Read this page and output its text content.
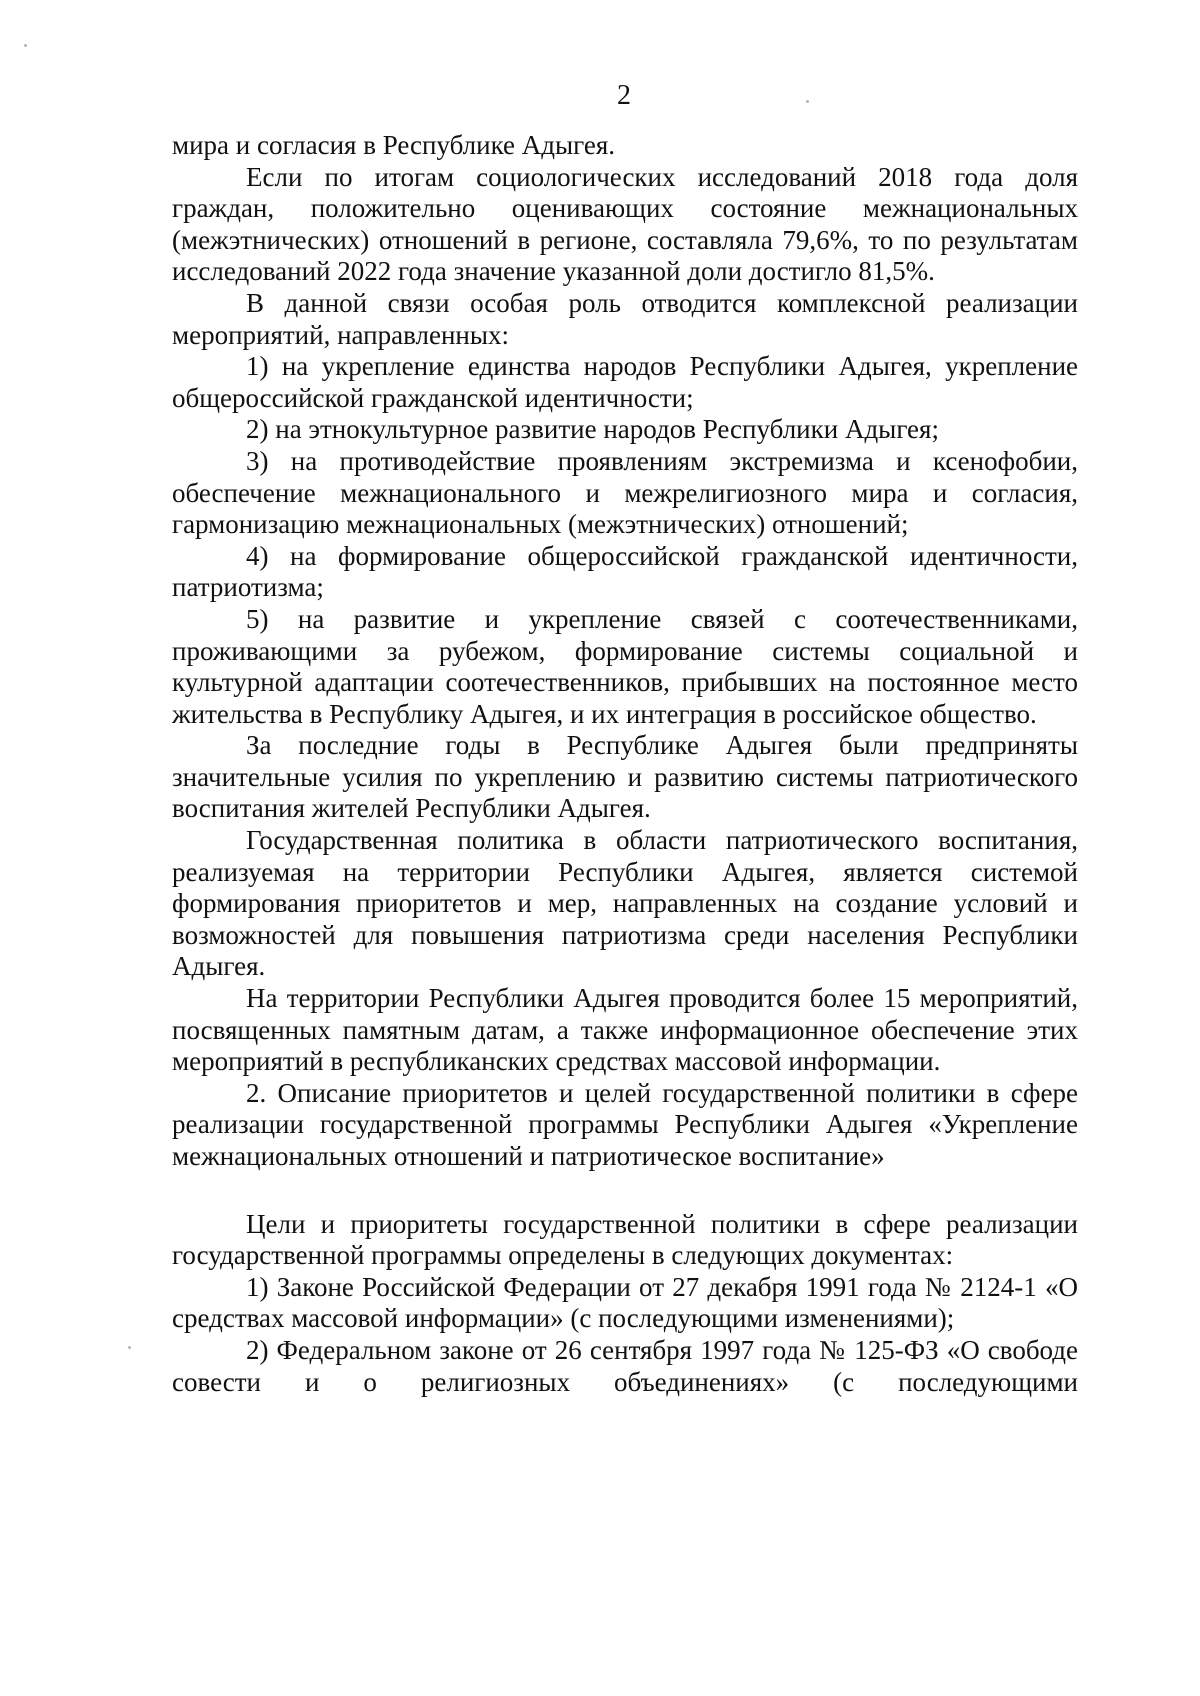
2

мира и согласия в Республике Адыгея.

Если по итогам социологических исследований 2018 года доля граждан, положительно оценивающих состояние межнациональных (межэтнических) отношений в регионе, составляла 79,6%, то по результатам исследований 2022 года значение указанной доли достигло 81,5%.

В данной связи особая роль отводится комплексной реализации мероприятий, направленных:

1) на укрепление единства народов Республики Адыгея, укрепление общероссийской гражданской идентичности;

2) на этнокультурное развитие народов Республики Адыгея;

3) на противодействие проявлениям экстремизма и ксенофобии, обеспечение межнационального и межрелигиозного мира и согласия, гармонизацию межнациональных (межэтнических) отношений;

4) на формирование общероссийской гражданской идентичности, патриотизма;

5) на развитие и укрепление связей с соотечественниками, проживающими за рубежом, формирование системы социальной и культурной адаптации соотечественников, прибывших на постоянное место жительства в Республику Адыгея, и их интеграция в российское общество.

За последние годы в Республике Адыгея были предприняты значительные усилия по укреплению и развитию системы патриотического воспитания жителей Республики Адыгея.

Государственная политика в области патриотического воспитания, реализуемая на территории Республики Адыгея, является системой формирования приоритетов и мер, направленных на создание условий и возможностей для повышения патриотизма среди населения Республики Адыгея.

На территории Республики Адыгея проводится более 15 мероприятий, посвященных памятным датам, а также информационное обеспечение этих мероприятий в республиканских средствах массовой информации.

2. Описание приоритетов и целей государственной политики в сфере реализации государственной программы Республики Адыгея «Укрепление межнациональных отношений и патриотическое воспитание»

Цели и приоритеты государственной политики в сфере реализации государственной программы определены в следующих документах:

1) Законе Российской Федерации от 27 декабря 1991 года № 2124-1 «О средствах массовой информации» (с последующими изменениями);

2) Федеральном законе от 26 сентября 1997 года № 125-ФЗ «О свободе совести и о религиозных объединениях» (с последующими
